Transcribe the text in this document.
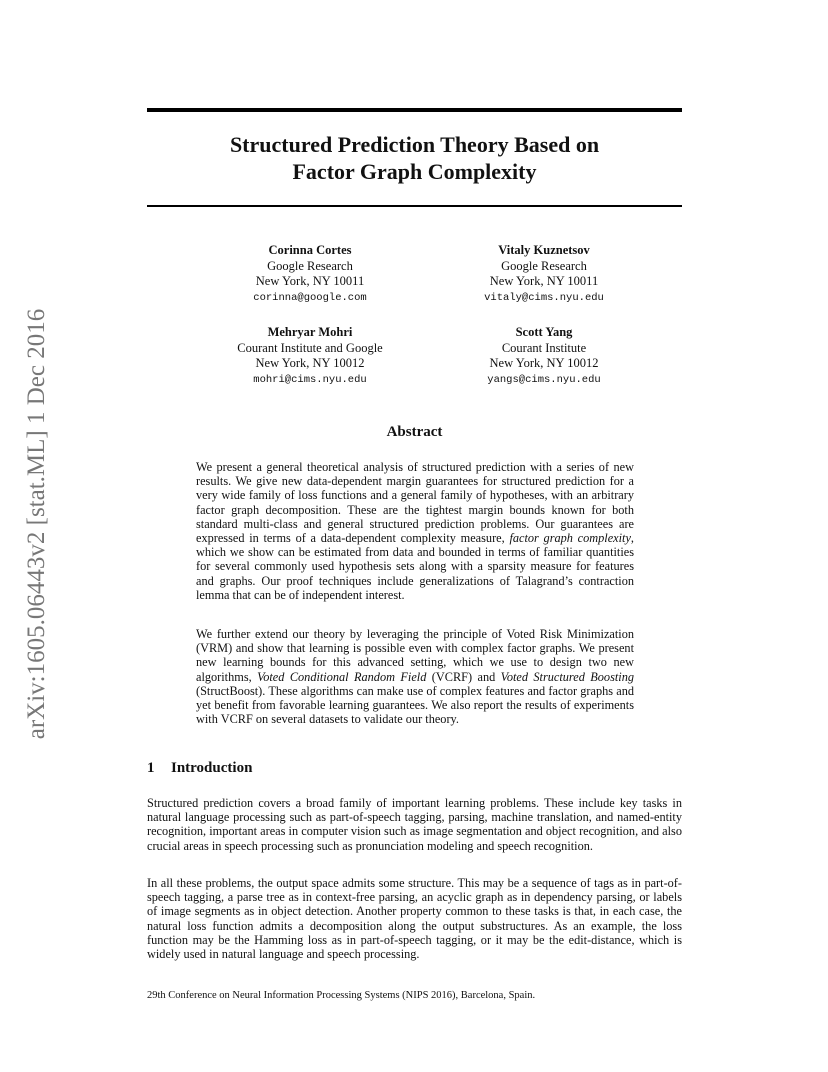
arXiv:1605.06443v2 [stat.ML] 1 Dec 2016
Structured Prediction Theory Based on
Factor Graph Complexity
Corinna Cortes
Google Research
New York, NY 10011
corinna@google.com
Vitaly Kuznetsov
Google Research
New York, NY 10011
vitaly@cims.nyu.edu
Mehryar Mohri
Courant Institute and Google
New York, NY 10012
mohri@cims.nyu.edu
Scott Yang
Courant Institute
New York, NY 10012
yangs@cims.nyu.edu
Abstract

We present a general theoretical analysis of structured prediction with a series of new results. We give new data-dependent margin guarantees for structured prediction for a very wide family of loss functions and a general family of hypotheses, with an arbitrary factor graph decomposition. These are the tightest margin bounds known for both standard multi-class and general structured prediction problems. Our guarantees are expressed in terms of a data-dependent complexity measure, factor graph complexity, which we show can be estimated from data and bounded in terms of familiar quantities for several commonly used hypothesis sets along with a sparsity measure for features and graphs. Our proof techniques include generalizations of Talagrand’s contraction lemma that can be of independent interest.

We further extend our theory by leveraging the principle of Voted Risk Minimization (VRM) and show that learning is possible even with complex factor graphs. We present new learning bounds for this advanced setting, which we use to design two new algorithms, Voted Conditional Random Field (VCRF) and Voted Structured Boosting (StructBoost). These algorithms can make use of complex features and factor graphs and yet benefit from favorable learning guarantees. We also report the results of experiments with VCRF on several datasets to validate our theory.

1 Introduction

Structured prediction covers a broad family of important learning problems. These include key tasks in natural language processing such as part-of-speech tagging, parsing, machine translation, and named-entity recognition, important areas in computer vision such as image segmentation and object recognition, and also crucial areas in speech processing such as pronunciation modeling and speech recognition.

In all these problems, the output space admits some structure. This may be a sequence of tags as in part-of-speech tagging, a parse tree as in context-free parsing, an acyclic graph as in dependency parsing, or labels of image segments as in object detection. Another property common to these tasks is that, in each case, the natural loss function admits a decomposition along the output substructures. As an example, the loss function may be the Hamming loss as in part-of-speech tagging, or it may be the edit-distance, which is widely used in natural language and speech processing.

29th Conference on Neural Information Processing Systems (NIPS 2016), Barcelona, Spain.
